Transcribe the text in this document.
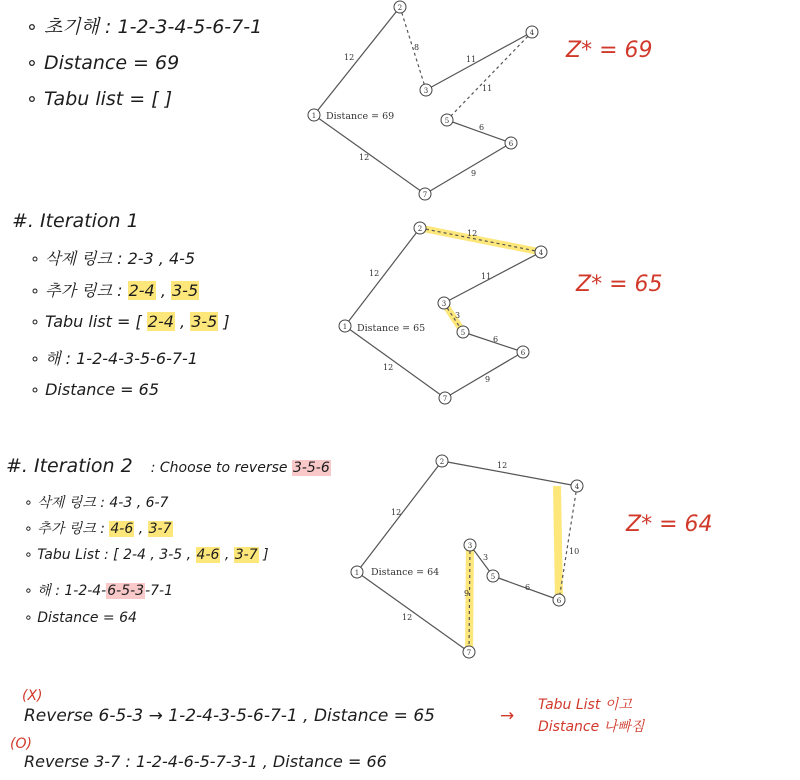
∘ 초기해 : 1-2-3-4-5-6-7-1
∘ Distance = 69
∘ Tabu list = [ ]
Z* = 69
12
8
11
11
6
9
12
Distance = 69
1
2
3
4
5
6
7
#. Iteration 1
∘ 삭제 링크 : 2-3 , 4-5
∘ 추가 링크 : 2-4 , 3-5
∘ Tabu list = [ 2-4 , 3-5 ]
∘ 해 : 1-2-4-3-5-6-7-1
∘ Distance = 65
Z* = 65
12
12
11
3
6
9
12
Distance = 65
1
2
3
4
5
6
7
#. Iteration 2 : Choose to reverse 3-5-6
∘ 삭제 링크 : 4-3 , 6-7
∘ 추가 링크 : 4-6 , 3-7
∘ Tabu List : [ 2-4 , 3-5 , 4-6 , 3-7 ]
∘ 해 : 1-2-4-6-5-3-7-1
∘ Distance = 64
Z* = 64
12
12
10
3
6
9
12
Distance = 64
1
2
3
4
5
6
7
(X)
Reverse 6-5-3 → 1-2-4-3-5-6-7-1 , Distance = 65	→
Tabu List 이고
Distance 나빠짐
(O)
Reverse 3-7 : 1-2-4-6-5-7-3-1 , Distance = 66
